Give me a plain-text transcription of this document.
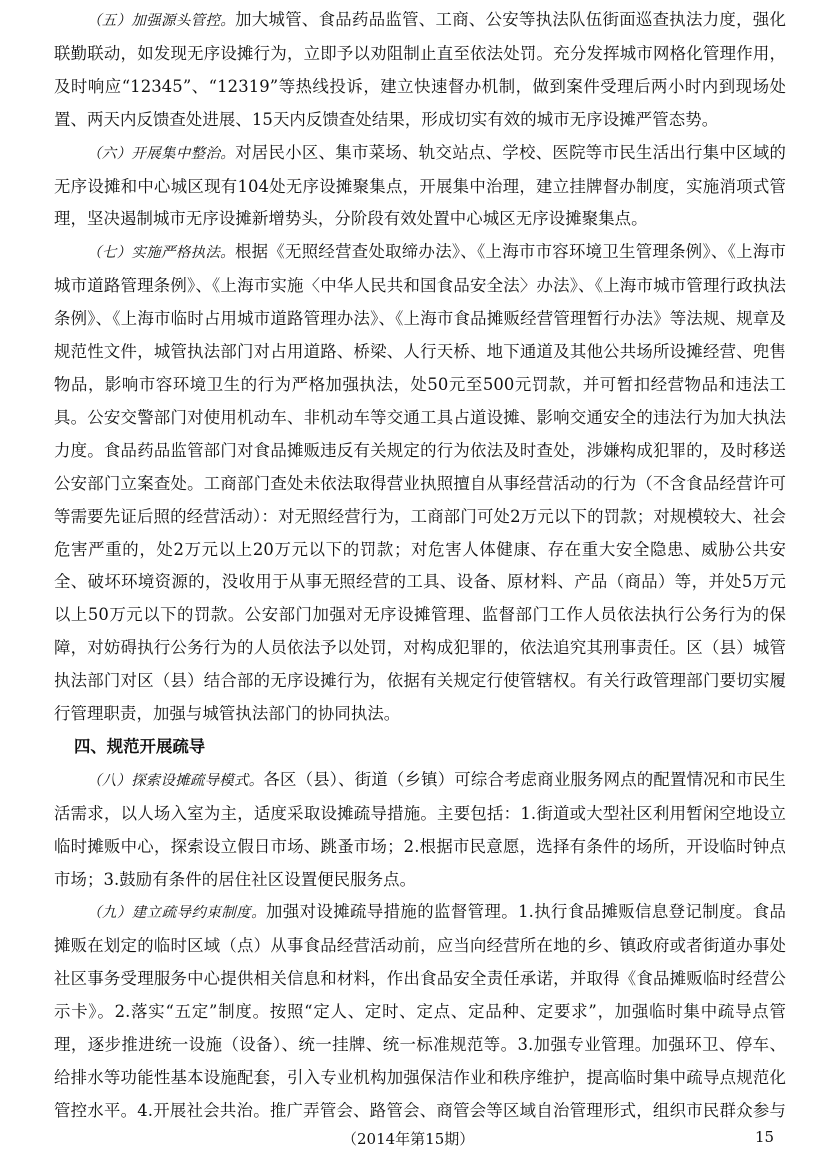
（五）加强源头管控。加大城管、食品药品监管、工商、公安等执法队伍街面巡查执法力度，强化联勤联动，如发现无序设摊行为，立即予以劝阻制止直至依法处罚。充分发挥城市网格化管理作用，及时响应“12345”、“12319”等热线投诉，建立快速督办机制，做到案件受理后两小时内到现场处置、两天内反馈查处进展、15天内反馈查处结果，形成切实有效的城市无序设摊严管态势。

（六）开展集中整治。对居民小区、集市菜场、轨交站点、学校、医院等市民生活出行集中区域的无序设摊和中心城区现有104处无序设摊聚集点，开展集中治理，建立挂牌督办制度，实施消项式管理，坚决遏制城市无序设摊新增势头，分阶段有效处置中心城区无序设摊聚集点。

（七）实施严格执法。根据《无照经营查处取缔办法》、《上海市市容环境卫生管理条例》、《上海市城市道路管理条例》、《上海市实施〈中华人民共和国食品安全法〉办法》、《上海市城市管理行政执法条例》、《上海市临时占用城市道路管理办法》、《上海市食品摊贩经营管理暂行办法》等法规、规章及规范性文件，城管执法部门对占用道路、桥梁、人行天桥、地下通道及其他公共场所设摊经营、兜售物品，影响市容环境卫生的行为严格加强执法，处50元至500元罚款，并可暂扣经营物品和违法工具。公安交警部门对使用机动车、非机动车等交通工具占道设摊、影响交通安全的违法行为加大执法力度。食品药品监管部门对食品摊贩违反有关规定的行为依法及时查处，涉嫌构成犯罪的，及时移送公安部门立案查处。工商部门查处未依法取得营业执照擅自从事经营活动的行为（不含食品经营许可等需要先证后照的经营活动）：对无照经营行为，工商部门可处2万元以下的罚款；对规模较大、社会危害严重的，处2万元以上20万元以下的罚款；对危害人体健康、存在重大安全隐患、威胁公共安全、破坏环境资源的，没收用于从事无照经营的工具、设备、原材料、产品（商品）等，并处5万元以上50万元以下的罚款。公安部门加强对无序设摊管理、监督部门工作人员依法执行公务行为的保障，对妨碍执行公务行为的人员依法予以处罚，对构成犯罪的，依法追究其刑事责任。区（县）城管执法部门对区（县）结合部的无序设摊行为，依据有关规定行使管辖权。有关行政管理部门要切实履行管理职责，加强与城管执法部门的协同执法。

四、规范开展疏导

（八）探索设摊疏导模式。各区（县）、街道（乡镇）可综合考虑商业服务网点的配置情况和市民生活需求，以人场入室为主，适度采取设摊疏导措施。主要包括：1.街道或大型社区利用暂闲空地设立临时摊贩中心，探索设立假日市场、跳蚤市场；2.根据市民意愿，选择有条件的场所，开设临时钟点市场；3.鼓励有条件的居住社区设置便民服务点。

（九）建立疏导约束制度。加强对设摊疏导措施的监督管理。1.执行食品摊贩信息登记制度。食品摊贩在划定的临时区域（点）从事食品经营活动前，应当向经营所在地的乡、镇政府或者街道办事处社区事务受理服务中心提供相关信息和材料，作出食品安全责任承诺，并取得《食品摊贩临时经营公示卡》。2.落实“五定”制度。按照“定人、定时、定点、定品种、定要求”，加强临时集中疏导点管理，逐步推进统一设施（设备）、统一挂牌、统一标准规范等。3.加强专业管理。加强环卫、停车、给排水等功能性基本设施配套，引入专业机构加强保洁作业和秩序维护，提高临时集中疏导点规范化管控水平。4.开展社会共治。推广弄管会、路管会、商管会等区域自治管理形式，组织市民群众参与

（2014年第15期）	15
